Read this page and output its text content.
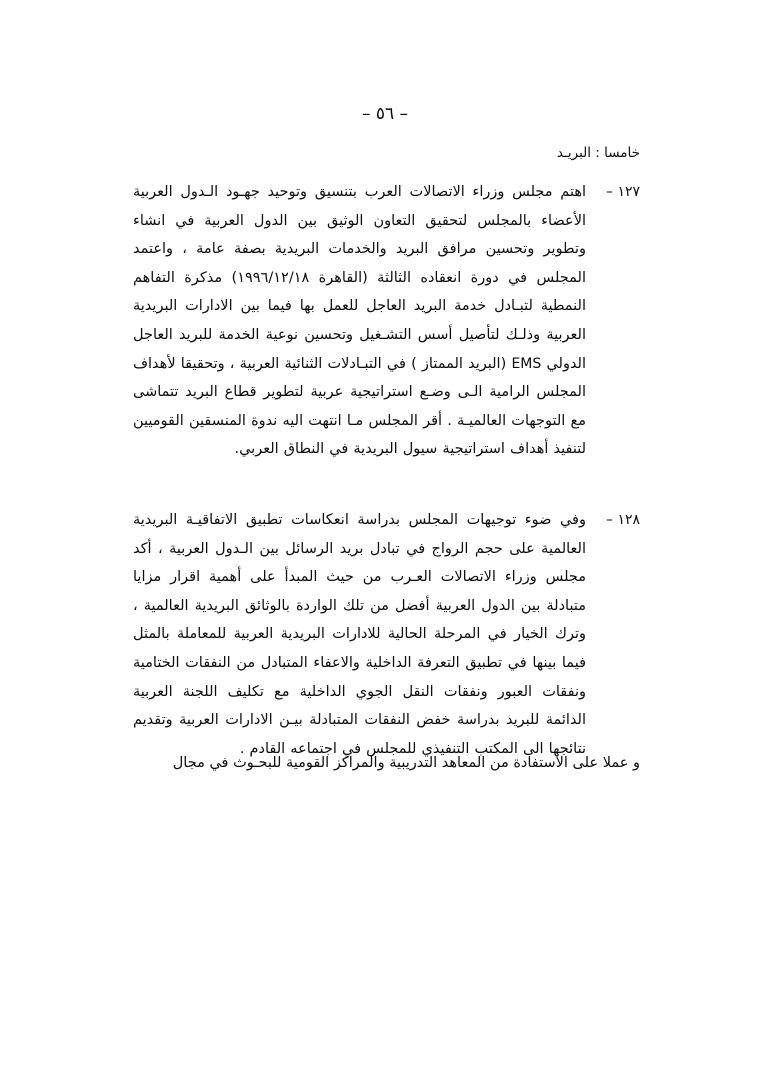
– ٥٦ –
خامسا : البريـد
١٢٧ –
اهتم مجلس وزراء الاتصالات العرب بتنسيق وتوحيد جهـود الـدول العربية الأعضاء بالمجلس لتحقيق التعاون الوثيق بين الدول العربية في انشاء وتطوير وتحسين مرافق البريد والخدمات البريدية بصفة عامة ، واعتمد المجلس في دورة انعقاده الثالثة (القاهرة ١٩٩٦/١٢/١٨) مذكرة التفاهم النمطية لتبـادل خدمة البريد العاجل للعمل بها فيما بين الادارات البريدية العربية وذلـك لتأصيل أسس التشـغيل وتحسين نوعية الخدمة للبريد العاجل الدولي EMS (البريد الممتاز ) في التبـادلات الثنائية العربية ، وتحقيقا لأهداف المجلس الرامية الـى وضـع استراتيجية عربية لتطوير قطاع البريد تتماشى مع التوجهات العالميـة . أقر المجلس مـا انتهت اليه ندوة المنسقين القوميين لتنفيذ أهداف استراتيجية سيول البريدية في النطاق العربي.
١٢٨ –
وفي ضوء توجيهات المجلس بدراسة انعكاسات تطبيق الاتفاقيـة البريدية العالمية على حجم الرواج في تبادل بريد الرسائل بين الـدول العربية ، أكد مجلس وزراء الاتصالات العـرب من حيث المبدأ على أهمية اقرار مزايا متبادلة بين الدول العربية أفضل من تلك الواردة بالوثائق البريدية العالمية ، وترك الخيار في المرحلة الحالية للادارات البريدية العربية للمعاملة بالمثل فيما بينها في تطبيق التعرفة الداخلية والاعفاء المتبادل من النفقات الختامية ونفقات العبور ونفقات النقل الجوي الداخلية مع تكليف اللجنة العربية الدائمة للبريد بدراسة خفض النفقات المتبادلة بيـن الادارات العربية وتقديم نتائجها الى المكتب التنفيذي للمجلس في اجتماعه القادم .
و عملا على الاستفادة من المعاهد التدريبية والمراكز القومية للبحـوث في مجال
